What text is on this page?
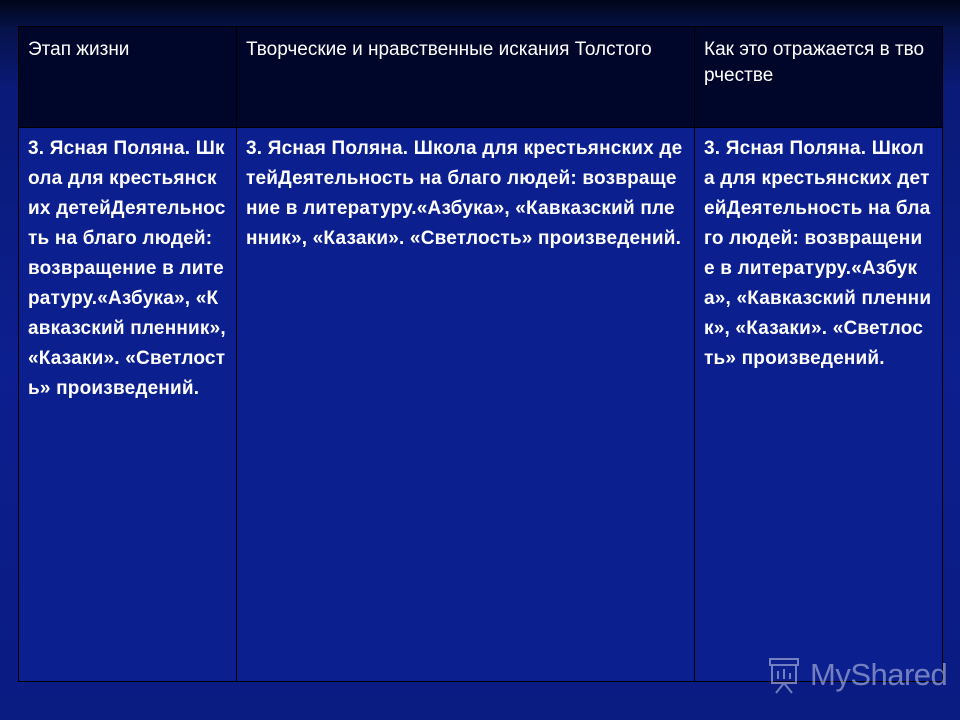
Этап жизни	Творческие и нравственные искания Толстого	Как это отражается в творчестве
3. Ясная Поляна. Школа для крестьянских детейДеятельность на благо людей: возвращение в литературу.«Азбука», «Кавказский пленник», «Казаки». «Светлость» произведений.	3. Ясная Поляна. Школа для крестьянских детейДеятельность на благо людей: возвращение в литературу.«Азбука», «Кавказский пленник», «Казаки». «Светлость» произведений.	3. Ясная Поляна. Школа для крестьянских детейДеятельность на благо людей: возвращение в литературу.«Азбука», «Кавказский пленник», «Казаки». «Светлость» произведений.
MyShared
